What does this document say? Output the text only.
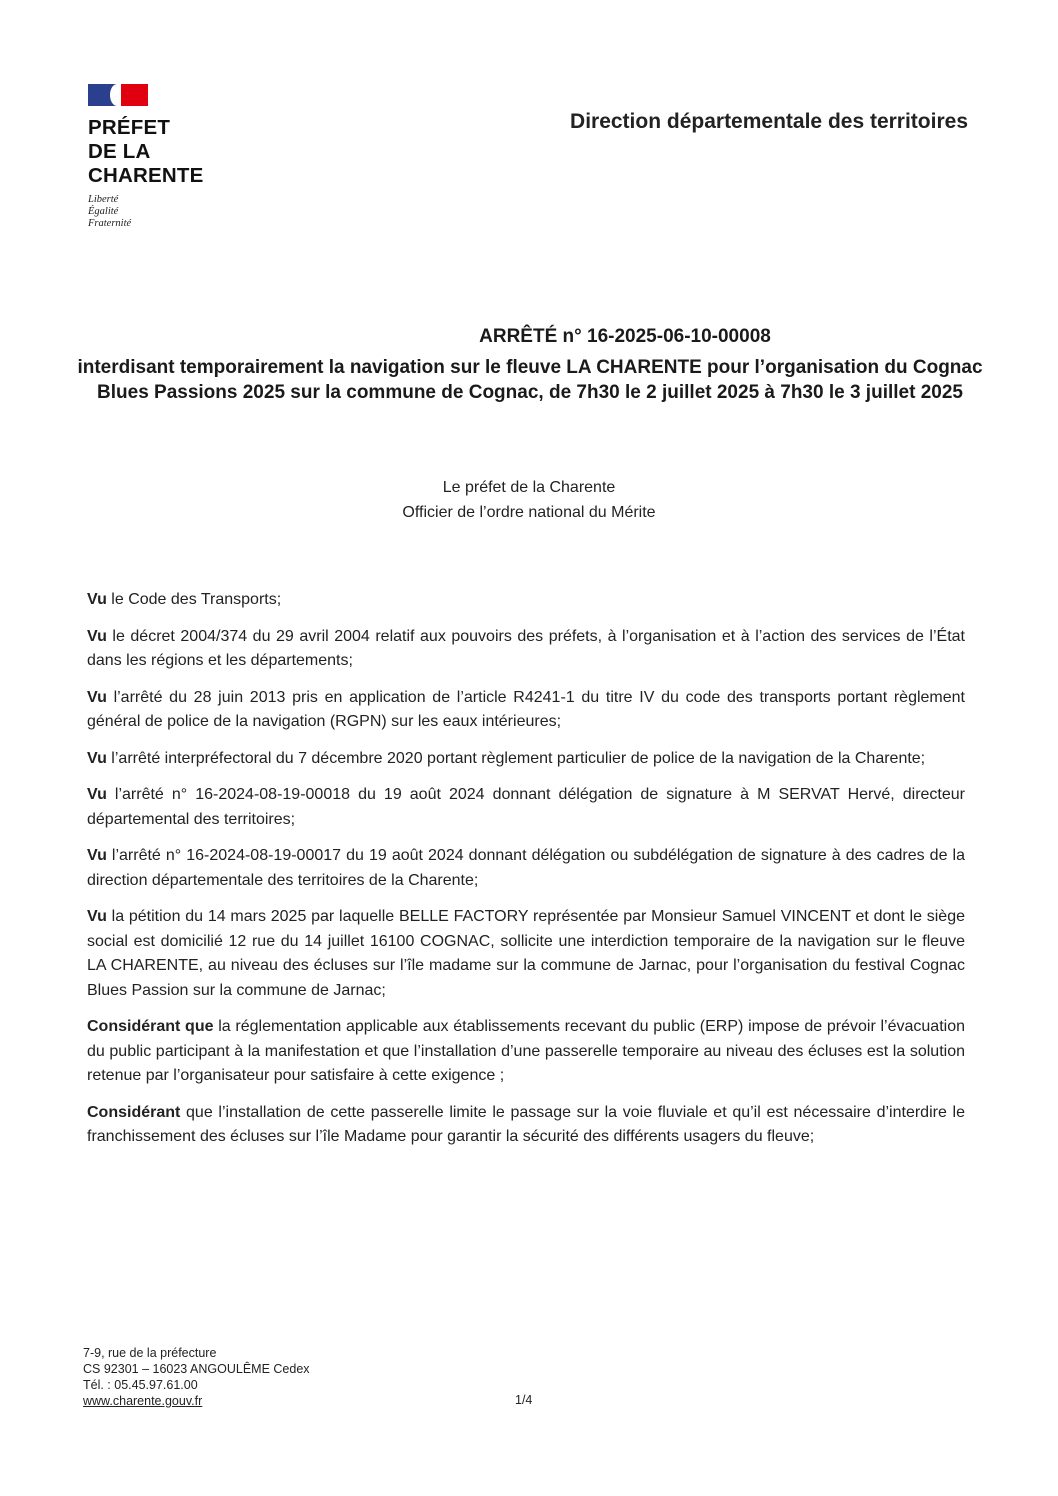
PRÉFET
DE LA
CHARENTE
Liberté
Égalité
Fraternité
Direction départementale des territoires
ARRÊTÉ n° 16-2025-06-10-00008
interdisant temporairement la navigation sur le fleuve LA CHARENTE pour l’organisation du Cognac Blues Passions 2025 sur la commune de Cognac, de 7h30 le 2 juillet 2025 à 7h30 le 3 juillet 2025
Le préfet de la Charente
Officier de l’ordre national du Mérite

Vu le Code des Transports;

Vu le décret 2004/374 du 29 avril 2004 relatif aux pouvoirs des préfets, à l’organisation et à l’action des services de l’État dans les régions et les départements;

Vu l’arrêté du 28 juin 2013 pris en application de l’article R4241-1 du titre IV du code des transports portant règlement général de police de la navigation (RGPN) sur les eaux intérieures;

Vu l’arrêté interpréfectoral du 7 décembre 2020 portant règlement particulier de police de la navigation de la Charente;

Vu l’arrêté n° 16-2024-08-19-00018 du 19 août 2024 donnant délégation de signature à M SERVAT Hervé, directeur départemental des territoires;

Vu l’arrêté n° 16-2024-08-19-00017 du 19 août 2024 donnant délégation ou subdélégation de signature à des cadres de la direction départementale des territoires de la Charente;

Vu la pétition du 14 mars 2025 par laquelle BELLE FACTORY représentée par Monsieur Samuel VINCENT et dont le siège social est domicilié 12 rue du 14 juillet 16100 COGNAC, sollicite une interdiction temporaire de la navigation sur le fleuve LA CHARENTE, au niveau des écluses sur l’île madame sur la commune de Jarnac, pour l’organisation du festival Cognac Blues Passion sur la commune de Jarnac;

Considérant que la réglementation applicable aux établissements recevant du public (ERP) impose de prévoir l’évacuation du public participant à la manifestation et que l’installation d’une passerelle temporaire au niveau des écluses est la solution retenue par l’organisateur pour satisfaire à cette exigence ;

Considérant que l’installation de cette passerelle limite le passage sur la voie fluviale et qu’il est nécessaire d’interdire le franchissement des écluses sur l’île Madame pour garantir la sécurité des différents usagers du fleuve;

7-9, rue de la préfecture
CS 92301 – 16023 ANGOULÊME Cedex
Tél. : 05.45.97.61.00
www.charente.gouv.fr	1/4
